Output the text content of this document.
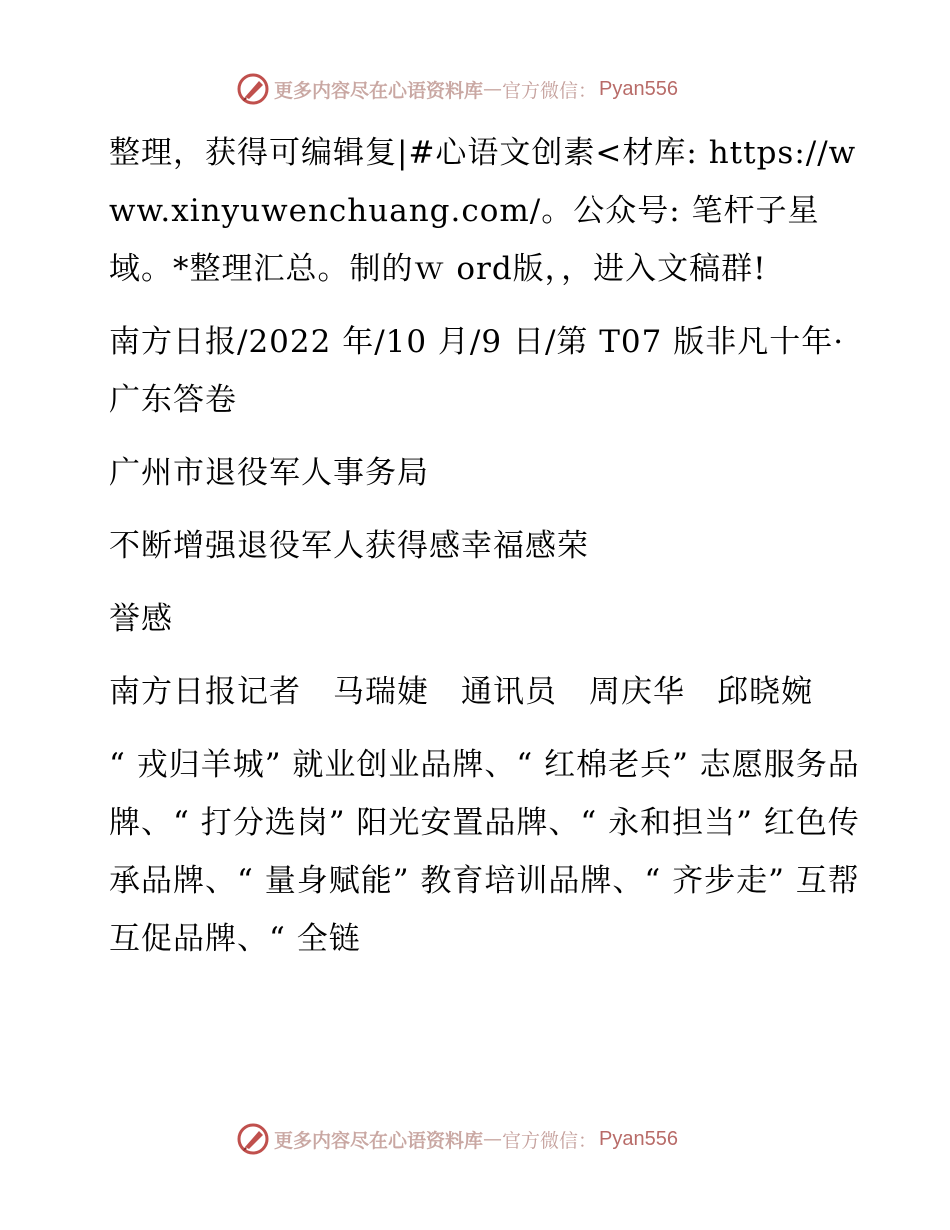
更多内容尽在心语资料库 — 官方微信： Pyan556

整理，获得可编辑复|#心语文创素<材库: https://www.xinyuwenchuang.com/。公众号: 笔杆子星域。*整理汇总。制的ｗ ord版，，进入文稿群!

南方日报/2022 年/10 月/9 日/第 T07 版非凡十年· 广东答卷

广州市退役军人事务局

不断增强退役军人获得感幸福感荣

誉感

南方日报记者　马瑞婕　通讯员　周庆华　邱晓婉

“ 戎归羊城” 就业创业品牌、“ 红棉老兵” 志愿服务品牌、“ 打分选岗” 阳光安置品牌、“ 永和担当” 红色传承品牌、“ 量身赋能” 教育培训品牌、“ 齐步走” 互帮互促品牌、“ 全链

更多内容尽在心语资料库 — 官方微信： Pyan556
